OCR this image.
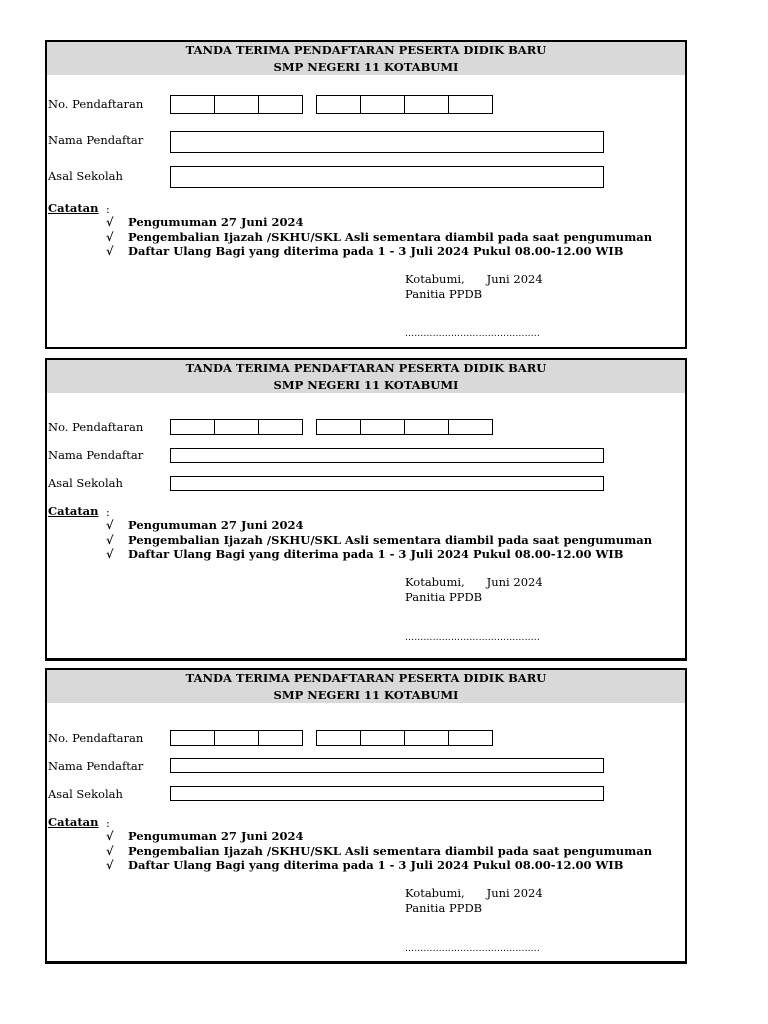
TANDA TERIMA PENDAFTARAN PESERTA DIDIK BARU
SMP NEGERI 11 KOTABUMI
No. Pendaftaran
Nama Pendaftar
Asal Sekolah
Catatan :
√ Pengumuman 27 Juni 2024
√ Pengembalian Ijazah /SKHU/SKL Asli sementara diambil pada saat pengumuman
√ Daftar Ulang Bagi yang diterima pada 1 - 3 Juli 2024 Pukul 08.00-12.00 WIB
Kotabumi,      Juni 2024
Panitia PPDB
……………………………………..
TANDA TERIMA PENDAFTARAN PESERTA DIDIK BARU
SMP NEGERI 11 KOTABUMI
No. Pendaftaran
Nama Pendaftar
Asal Sekolah
Catatan :
√ Pengumuman 27 Juni 2024
√ Pengembalian Ijazah /SKHU/SKL Asli sementara diambil pada saat pengumuman
√ Daftar Ulang Bagi yang diterima pada 1 - 3 Juli 2024 Pukul 08.00-12.00 WIB
Kotabumi,      Juni 2024
Panitia PPDB
……………………………………..
TANDA TERIMA PENDAFTARAN PESERTA DIDIK BARU
SMP NEGERI 11 KOTABUMI
No. Pendaftaran
Nama Pendaftar
Asal Sekolah
Catatan :
√ Pengumuman 27 Juni 2024
√ Pengembalian Ijazah /SKHU/SKL Asli sementara diambil pada saat pengumuman
√ Daftar Ulang Bagi yang diterima pada 1 - 3 Juli 2024 Pukul 08.00-12.00 WIB
Kotabumi,      Juni 2024
Panitia PPDB
……………………………………..
